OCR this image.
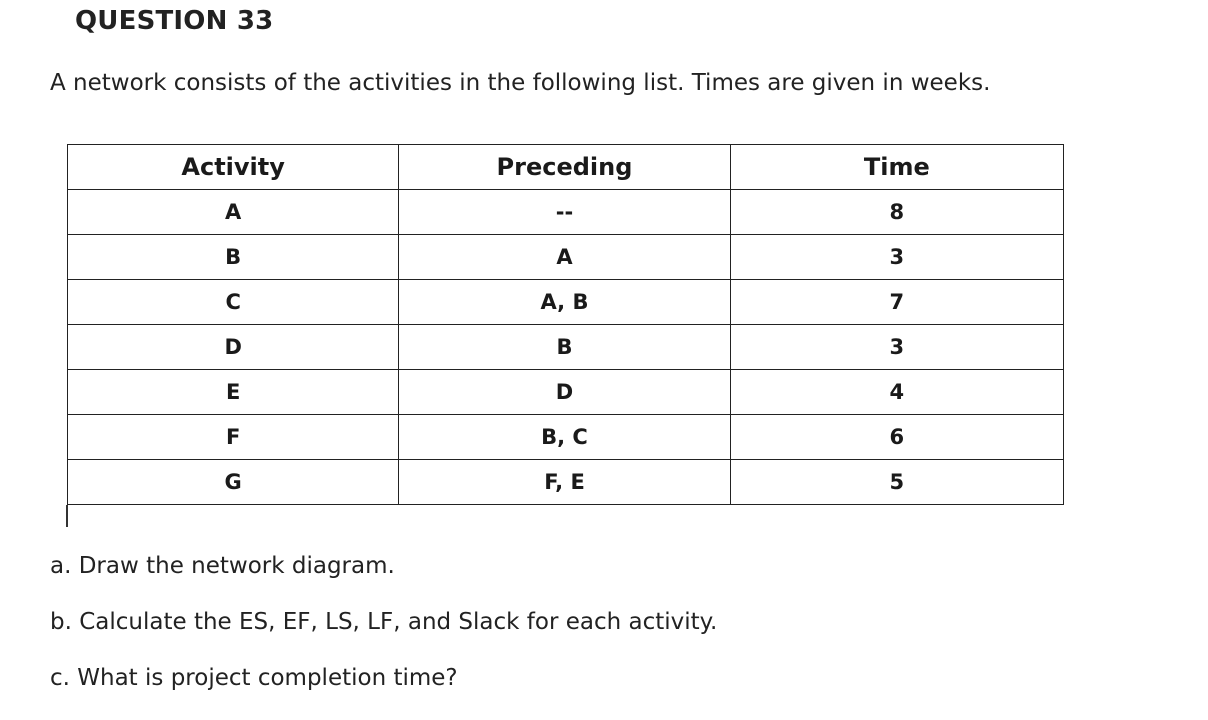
QUESTION 33
A network consists of the activities in the following list. Times are given in weeks.
Activity	Preceding	Time
A	--	8
B	A	3
C	A, B	7
D	B	3
E	D	4
F	B, C	6
G	F, E	5
a. Draw the network diagram.
b. Calculate the ES, EF, LS, LF, and Slack for each activity.
c. What is project completion time?
